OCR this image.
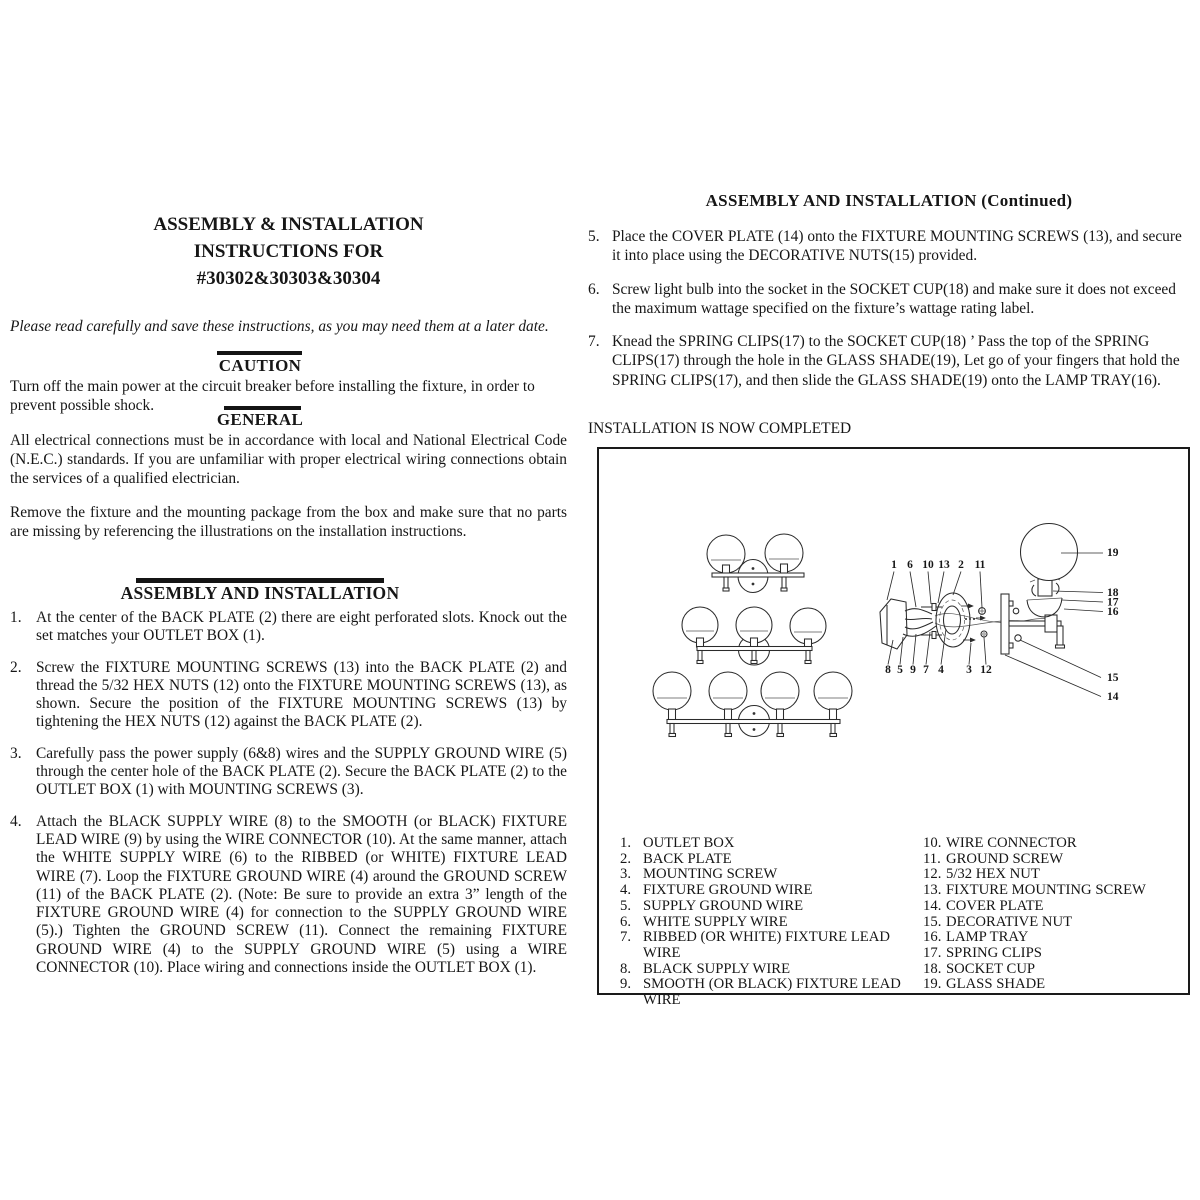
ASSEMBLY & INSTALLATION
INSTRUCTIONS FOR
#30302&30303&30304
Please read carefully and save these instructions, as you may need them at a later date.
CAUTION
Turn off the main power at the circuit breaker before installing the fixture, in order to prevent possible shock.
GENERAL
All electrical connections must be in accordance with local and National Electrical Code (N.E.C.) standards. If you are unfamiliar with proper electrical wiring connections obtain the services of a qualified electrician.
Remove the fixture and the mounting package from the box and make sure that no parts are missing by referencing the illustrations on the installation instructions.
ASSEMBLY AND INSTALLATION
1. At the center of the BACK PLATE (2) there are eight perforated slots. Knock out the set matches your OUTLET BOX (1).
2. Screw the FIXTURE MOUNTING SCREWS (13) into the BACK PLATE (2) and thread the 5/32 HEX NUTS (12) onto the FIXTURE MOUNTING SCREWS (13), as shown. Secure the position of the FIXTURE MOUNTING SCREWS (13) by tightening the HEX NUTS (12) against the BACK PLATE (2).
3. Carefully pass the power supply (6&8) wires and the SUPPLY GROUND WIRE (5) through the center hole of the BACK PLATE (2). Secure the BACK PLATE (2) to the OUTLET BOX (1) with MOUNTING SCREWS (3).
4. Attach the BLACK SUPPLY WIRE (8) to the SMOOTH (or BLACK) FIXTURE LEAD WIRE (9) by using the WIRE CONNECTOR (10). At the same manner, attach the WHITE SUPPLY WIRE (6) to the RIBBED (or WHITE) FIXTURE LEAD WIRE (7). Loop the FIXTURE GROUND WIRE (4) around the GROUND SCREW (11) of the BACK PLATE (2). (Note: Be sure to provide an extra 3” length of the FIXTURE GROUND WIRE (4) for connection to the SUPPLY GROUND WIRE (5).) Tighten the GROUND SCREW (11). Connect the remaining FIXTURE GROUND WIRE (4) to the SUPPLY GROUND WIRE (5) using a WIRE CONNECTOR (10). Place wiring and connections inside the OUTLET BOX (1).
ASSEMBLY AND INSTALLATION (Continued)
5. Place the COVER PLATE (14) onto the FIXTURE MOUNTING SCREWS (13), and secure it into place using the DECORATIVE NUTS(15) provided.
6. Screw light bulb into the socket in the SOCKET CUP(18) and make sure it does not exceed the maximum wattage specified on the fixture’s wattage rating label.
7. Knead the SPRING CLIPS(17) to the SOCKET CUP(18) ’ Pass the top of the SPRING CLIPS(17) through the hole in the GLASS SHADE(19), Let go of your fingers that hold the SPRING CLIPS(17), and then slide the GLASS SHADE(19) onto the LAMP TRAY(16).
INSTALLATION IS NOW COMPLETED
1 6 10 13 2 11
8 5 9 7 4 3 12
19
18
17
16
15
14
1. OUTLET BOX
2. BACK PLATE
3. MOUNTING SCREW
4. FIXTURE GROUND WIRE
5. SUPPLY GROUND WIRE
6. WHITE SUPPLY WIRE
7. RIBBED (OR WHITE) FIXTURE LEAD WIRE
8. BLACK SUPPLY WIRE
9. SMOOTH (OR BLACK) FIXTURE LEAD
WIRE
10. WIRE CONNECTOR
11. GROUND SCREW
12. 5/32 HEX NUT
13. FIXTURE MOUNTING SCREW
14. COVER PLATE
15. DECORATIVE NUT
16. LAMP TRAY
17. SPRING CLIPS
18. SOCKET CUP
19. GLASS SHADE
